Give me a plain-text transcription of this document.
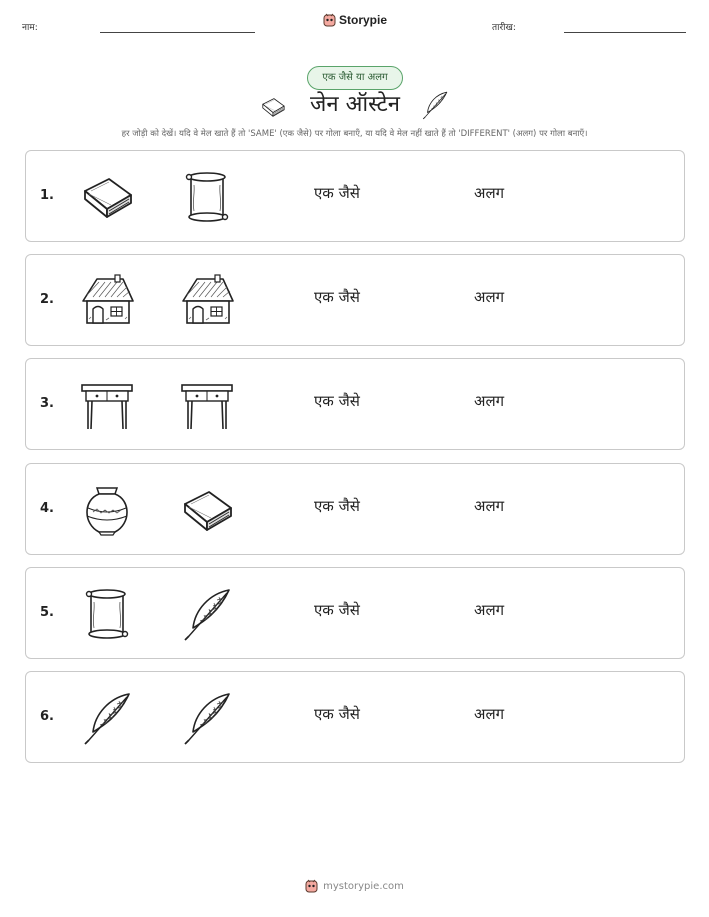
नाम:
Storypie
तारीख:
एक जैसे या अलग
जेन ऑस्टेन
हर जोड़ी को देखें। यदि वे मेल खाते हैं तो 'SAME' (एक जैसे) पर गोला बनाएँ, या यदि वे मेल नहीं खाते हैं तो 'DIFFERENT' (अलग) पर गोला बनाएँ।
1.	एक जैसे	अलग
2.	एक जैसे	अलग
3.	एक जैसे	अलग
4.	एक जैसे	अलग
5.	एक जैसे	अलग
6.	एक जैसे	अलग
mystorypie.com
